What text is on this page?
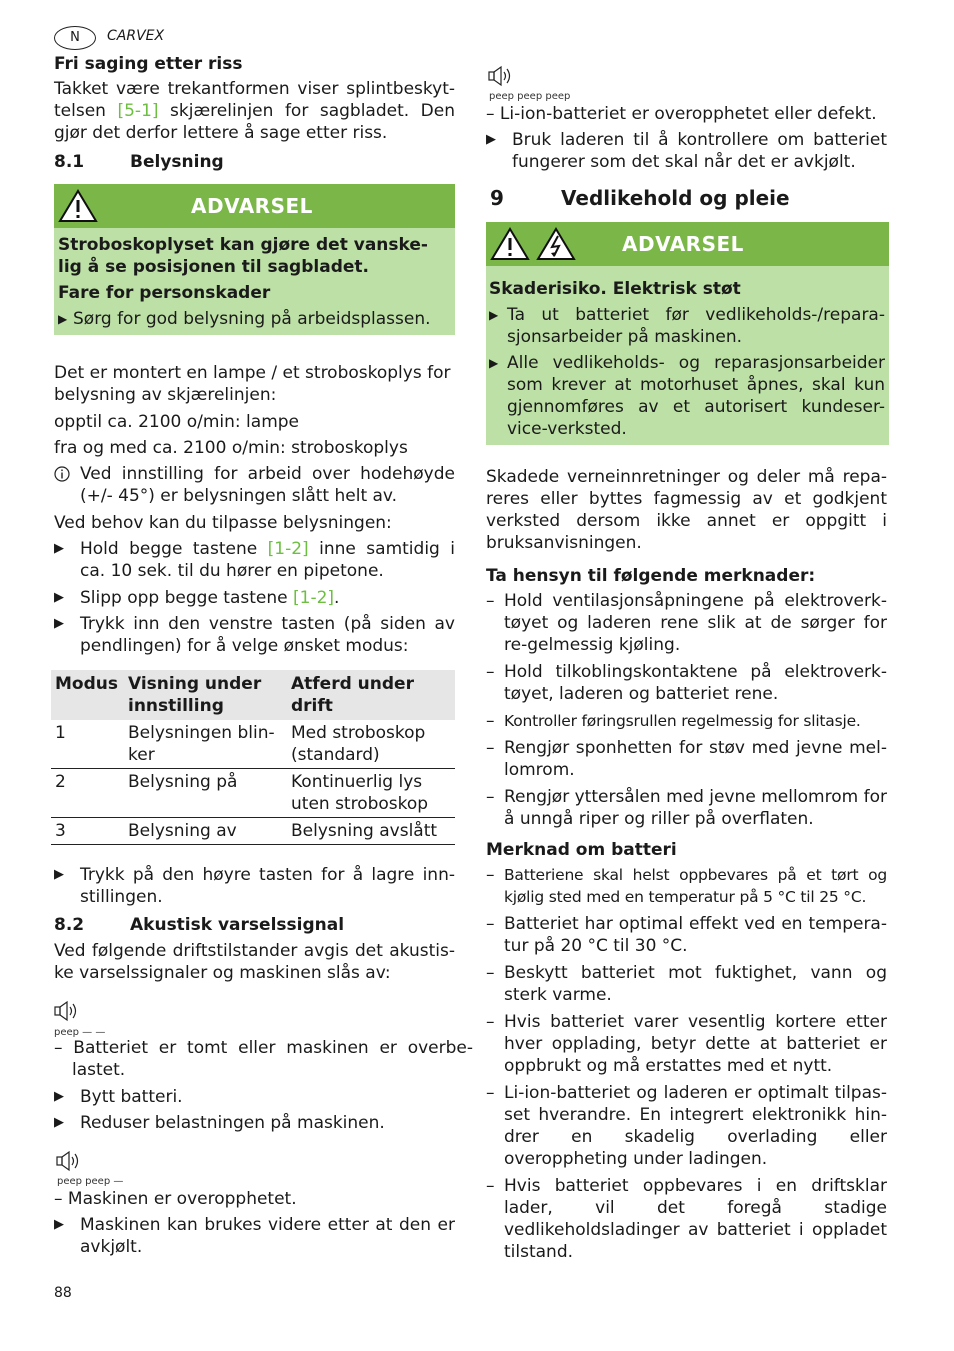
N	CARVEX
Fri saging etter riss

Takket være trekantformen viser splintbeskyt-telsen [5-1] skjærelinjen for sagbladet. Den gjør det derfor lettere å sage etter riss.

8.1	Belysning
ADVARSEL

Stroboskoplyset kan gjøre det vanske-lig å se posisjonen til sagbladet.

Fare for personskader

▶ Sørg for god belysning på arbeidsplassen.

Det er montert en lampe / et stroboskoplys for belysning av skjærelinjen:

opptil ca. 2100 o/min: lampe

fra og med ca. 2100 o/min: stroboskoplys

Ved innstilling for arbeid over hodehøyde (+/- 45°) er belysningen slått helt av.

Ved behov kan du tilpasse belysningen:

▶ Hold begge tastene [1-2] inne samtidig i ca. 10 sek. til du hører en pipetone.

▶ Slipp opp begge tastene [1-2].

▶ Trykk inn den venstre tasten (på siden av pendlingen) for å velge ønsket modus:

Modus	Visning under innstilling	Atferd under drift
1	Belysningen blin-ker	Med stroboskop (standard)
2	Belysning på	Kontinuerlig lys uten stroboskop
3	Belysning av	Belysning avslått
▶ Trykk på den høyre tasten for å lagre inn-stillingen.

8.2	Akustisk varselssignal

Ved følgende driftstilstander avgis det akustis-ke varselssignaler og maskinen slås av:

peep — —

– Batteriet er tomt eller maskinen er overbe-lastet.

▶ Bytt batteri.

▶ Reduser belastningen på maskinen.

peep peep —

– Maskinen er overopphetet.

▶ Maskinen kan brukes videre etter at den er avkjølt.

peep peep peep

– Li-ion-batteriet er overopphetet eller defekt.

▶ Bruk laderen til å kontrollere om batteriet fungerer som det skal når det er avkjølt.

9	Vedlikehold og pleie
ADVARSEL

Skaderisiko. Elektrisk støt

▶ Ta ut batteriet før vedlikeholds-/repara-sjonsarbeider på maskinen.

▶ Alle vedlikeholds- og reparasjonsarbeider som krever at motorhuset åpnes, skal kun gjennomføres av et autorisert kundeser-vice-verksted.

Skadede verneinnretninger og deler må repa-reres eller byttes fagmessig av et godkjent verksted dersom ikke annet er oppgitt i bruksanvisningen.

Ta hensyn til følgende merknader:

– Hold ventilasjonsåpningene på elektroverk-tøyet og laderen rene slik at de sørger for re-gelmessig kjøling.

– Hold tilkoblingskontaktene på elektroverk-tøyet, laderen og batteriet rene.

– Kontroller føringsrullen regelmessig for slitasje.

– Rengjør sponhetten for støv med jevne mel-lomrom.

– Rengjør yttersålen med jevne mellomrom for å unngå riper og riller på overflaten.

Merknad om batteri

– Batteriene skal helst oppbevares på et tørt og kjølig sted med en temperatur på 5 °C til 25 °C.

– Batteriet har optimal effekt ved en tempera-tur på 20 °C til 30 °C.

– Beskytt batteriet mot fuktighet, vann og sterk varme.

– Hvis batteriet varer vesentlig kortere etter hver opplading, betyr dette at batteriet er oppbrukt og må erstattes med et nytt.

– Li-ion-batteriet og laderen er optimalt tilpas-set hverandre. En integrert elektronikk hin-drer en skadelig overlading eller overoppheting under ladingen.

– Hvis batteriet oppbevares i en driftsklar lader, vil det foregå stadige vedlikeholdsladinger av batteriet i oppladet tilstand.

88
